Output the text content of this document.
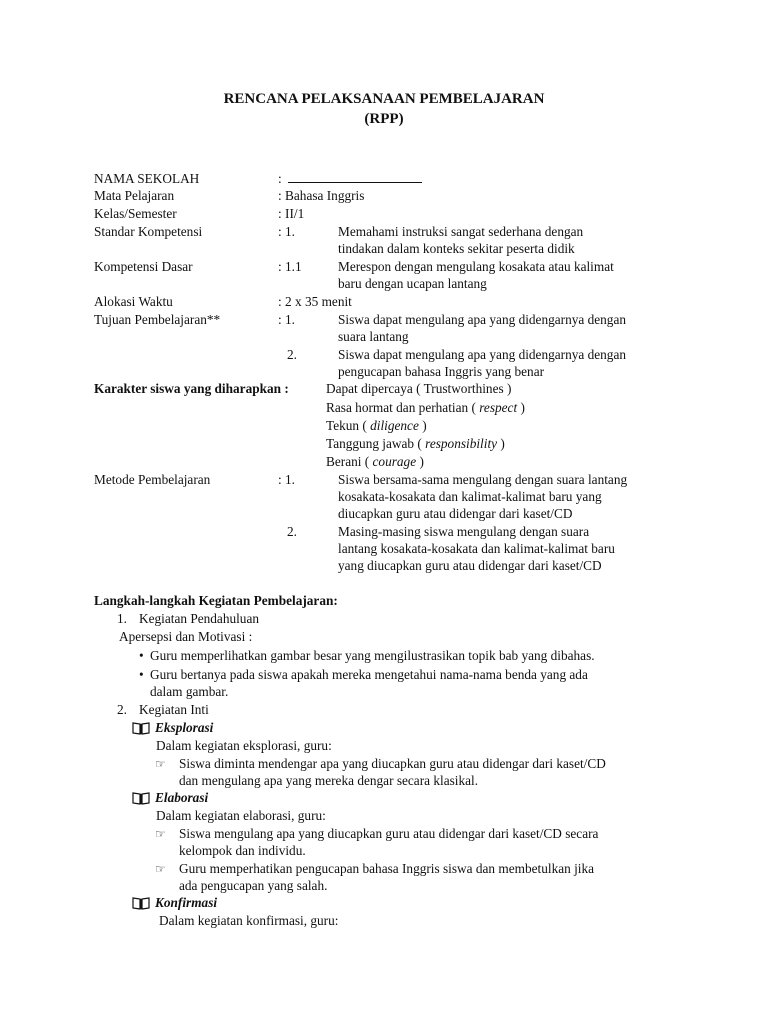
RENCANA PELAKSANAAN PEMBELAJARAN
(RPP)
NAMA SEKOLAH	:
Mata Pelajaran	: Bahasa Inggris
Kelas/Semester	: II/1
Standar Kompetensi	: 1.	Memahami instruksi sangat sederhana dengan
tindakan dalam konteks sekitar peserta didik
Kompetensi Dasar	: 1.1	Merespon dengan mengulang kosakata atau kalimat
baru dengan ucapan lantang
Alokasi Waktu	: 2 x 35 menit
Tujuan Pembelajaran**	: 1.	Siswa dapat mengulang apa yang didengarnya dengan
suara lantang
2.	Siswa dapat mengulang apa yang didengarnya dengan
pengucapan bahasa Inggris yang benar
Karakter siswa yang diharapkan :	Dapat dipercaya ( Trustworthines )
Rasa hormat dan perhatian ( respect )
Tekun ( diligence )
Tanggung jawab ( responsibility )
Berani ( courage )
Metode Pembelajaran	: 1.	Siswa bersama-sama mengulang dengan suara lantang
kosakata-kosakata dan kalimat-kalimat baru yang
diucapkan guru atau didengar dari kaset/CD
2.	Masing-masing siswa mengulang dengan suara
lantang kosakata-kosakata dan kalimat-kalimat baru
yang diucapkan guru atau didengar dari kaset/CD
Langkah-langkah Kegiatan Pembelajaran:
1. Kegiatan Pendahuluan
Apersepsi dan Motivasi :
• Guru memperlihatkan gambar besar yang mengilustrasikan topik bab yang dibahas.
• Guru bertanya pada siswa apakah mereka mengetahui nama-nama benda yang ada
dalam gambar.
2. Kegiatan Inti
Eksplorasi
Dalam kegiatan eksplorasi, guru:
☞ Siswa diminta mendengar apa yang diucapkan guru atau didengar dari kaset/CD
dan mengulang apa yang mereka dengar secara klasikal.
Elaborasi
Dalam kegiatan elaborasi, guru:
☞ Siswa mengulang apa yang diucapkan guru atau didengar dari kaset/CD secara
kelompok dan individu.
☞ Guru memperhatikan pengucapan bahasa Inggris siswa dan membetulkan jika
ada pengucapan yang salah.
Konfirmasi
Dalam kegiatan konfirmasi, guru:
